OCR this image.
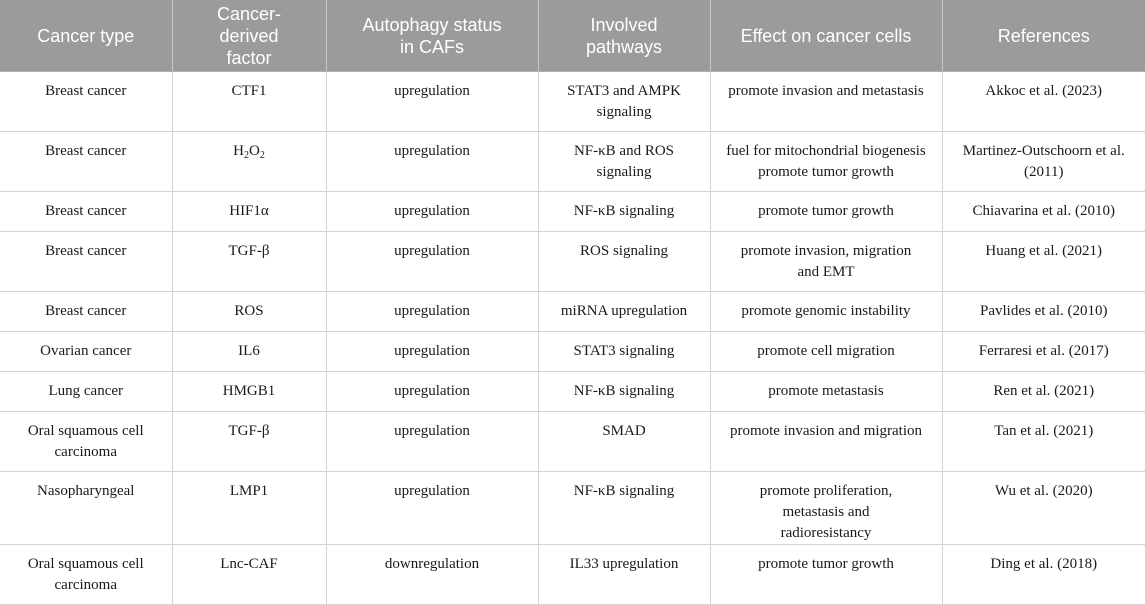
Cancer type	Cancer-derived factor	Autophagy status in CAFs	Involved pathways	Effect on cancer cells	References
Breast cancer	CTF1	upregulation	STAT3 and AMPK signaling	promote invasion and metastasis	Akkoc et al. (2023)
Breast cancer	$H_2O_2$	upregulation	NF-κB and ROS signaling	fuel for mitochondrial biogenesis promote tumor growth	Martinez-Outschoorn et al. (2011)
Breast cancer	HIF1α	upregulation	NF-κB signaling	promote tumor growth	Chiavarina et al. (2010)
Breast cancer	TGF-β	upregulation	ROS signaling	promote invasion, migration and EMT	Huang et al. (2021)
Breast cancer	ROS	upregulation	miRNA upregulation	promote genomic instability	Pavlides et al. (2010)
Ovarian cancer	IL6	upregulation	STAT3 signaling	promote cell migration	Ferraresi et al. (2017)
Lung cancer	HMGB1	upregulation	NF-κB signaling	promote metastasis	Ren et al. (2021)
Oral squamous cell carcinoma	TGF-β	upregulation	SMAD	promote invasion and migration	Tan et al. (2021)
Nasopharyngeal	LMP1	upregulation	NF-κB signaling	promote proliferation, metastasis and radioresistancy	Wu et al. (2020)
Oral squamous cell carcinoma	Lnc-CAF	downregulation	IL33 upregulation	promote tumor growth	Ding et al. (2018)
